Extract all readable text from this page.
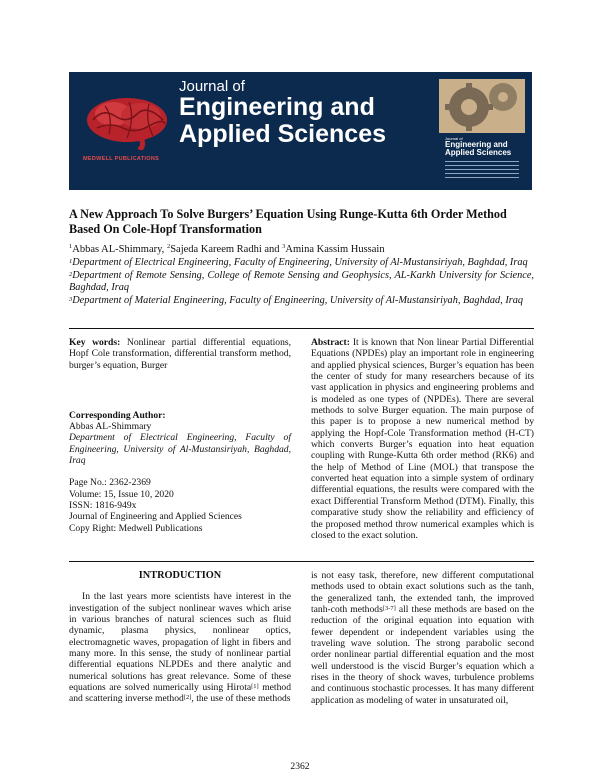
MEDWELL PUBLICATIONS
Journal of
Engineering and
Applied Sciences	Journal of
Engineering and
Applied Sciences
A New Approach To Solve Burgers’ Equation Using Runge-Kutta 6th Order Method Based On Cole-Hopf Transformation
$^1$Abbas AL-Shimmary, $^2$Sajeda Kareem Radhi and $^3$Amina Kassim Hussain

$^1$Department of Electrical Engineering, Faculty of Engineering, University of Al-Mustansiriyah, Baghdad, Iraq

$^2$Department of Remote Sensing, College of Remote Sensing and Geophysics, AL-Karkh University for Science, Baghdad, Iraq

$^3$Department of Material Engineering, Faculty of Engineering, University of Al-Mustansiriyah, Baghdad, Iraq

Key words: Nonlinear partial differential equations, Hopf Cole transformation, differential transform method, burger’s equation, Burger

Corresponding Author:

Abbas AL-Shimmary

Department of Electrical Engineering, Faculty of Engineering, University of Al-Mustansiriyah, Baghdad, Iraq

Page No.: 2362-2369

Volume: 15, Issue 10, 2020

ISSN: 1816-949x

Journal of Engineering and Applied Sciences

Copy Right: Medwell Publications

Abstract: It is known that Non linear Partial Differential Equations (NPDEs) play an important role in engineering and applied physical sciences, Burger’s equation has been the center of study for many researchers because of its vast application in physics and engineering problems and is modeled as one types of (NPDEs). There are several methods to solve Burger equation. The main purpose of this paper is to propose a new numerical method by applying the Hopf-Cole Transformation method (H-CT) which converts Burger’s equation into heat equation coupling with Runge-Kutta 6th order method (RK6) and the help of Method of Line (MOL) that transpose the converted heat equation into a simple system of ordinary differential equations, the results were compared with the exact Differential Transform Method (DTM). Finally, this comparative study show the reliability and efficiency of the proposed method throw numerical examples which is closed to the exact solution.

INTRODUCTION

In the last years more scientists have interest in the investigation of the subject nonlinear waves which arise in various branches of natural sciences such as fluid dynamic, plasma physics, nonlinear optics, electromagnetic waves, propagation of light in fibers and many more. In this sense, the study of nonlinear partial differential equations NLPDEs and there analytic and numerical solutions has great relevance. Some of these equations are solved numerically using Hirota[1] method and scattering inverse method[2], the use of these methods

is not easy task, therefore, new different computational methods used to obtain exact solutions such as the tanh, the generalized tanh, the extended tanh, the improved tanh-coth methods[3-7] all these methods are based on the reduction of the original equation into equation with fewer dependent or independent variables using the traveling wave solution. The strong parabolic second order nonlinear partial differential equation and the most well understood is the viscid Burger’s equation which a rises in the theory of shock waves, turbulence problems and continuous stochastic processes. It has many different application as modeling of water in unsaturated oil,

2362
